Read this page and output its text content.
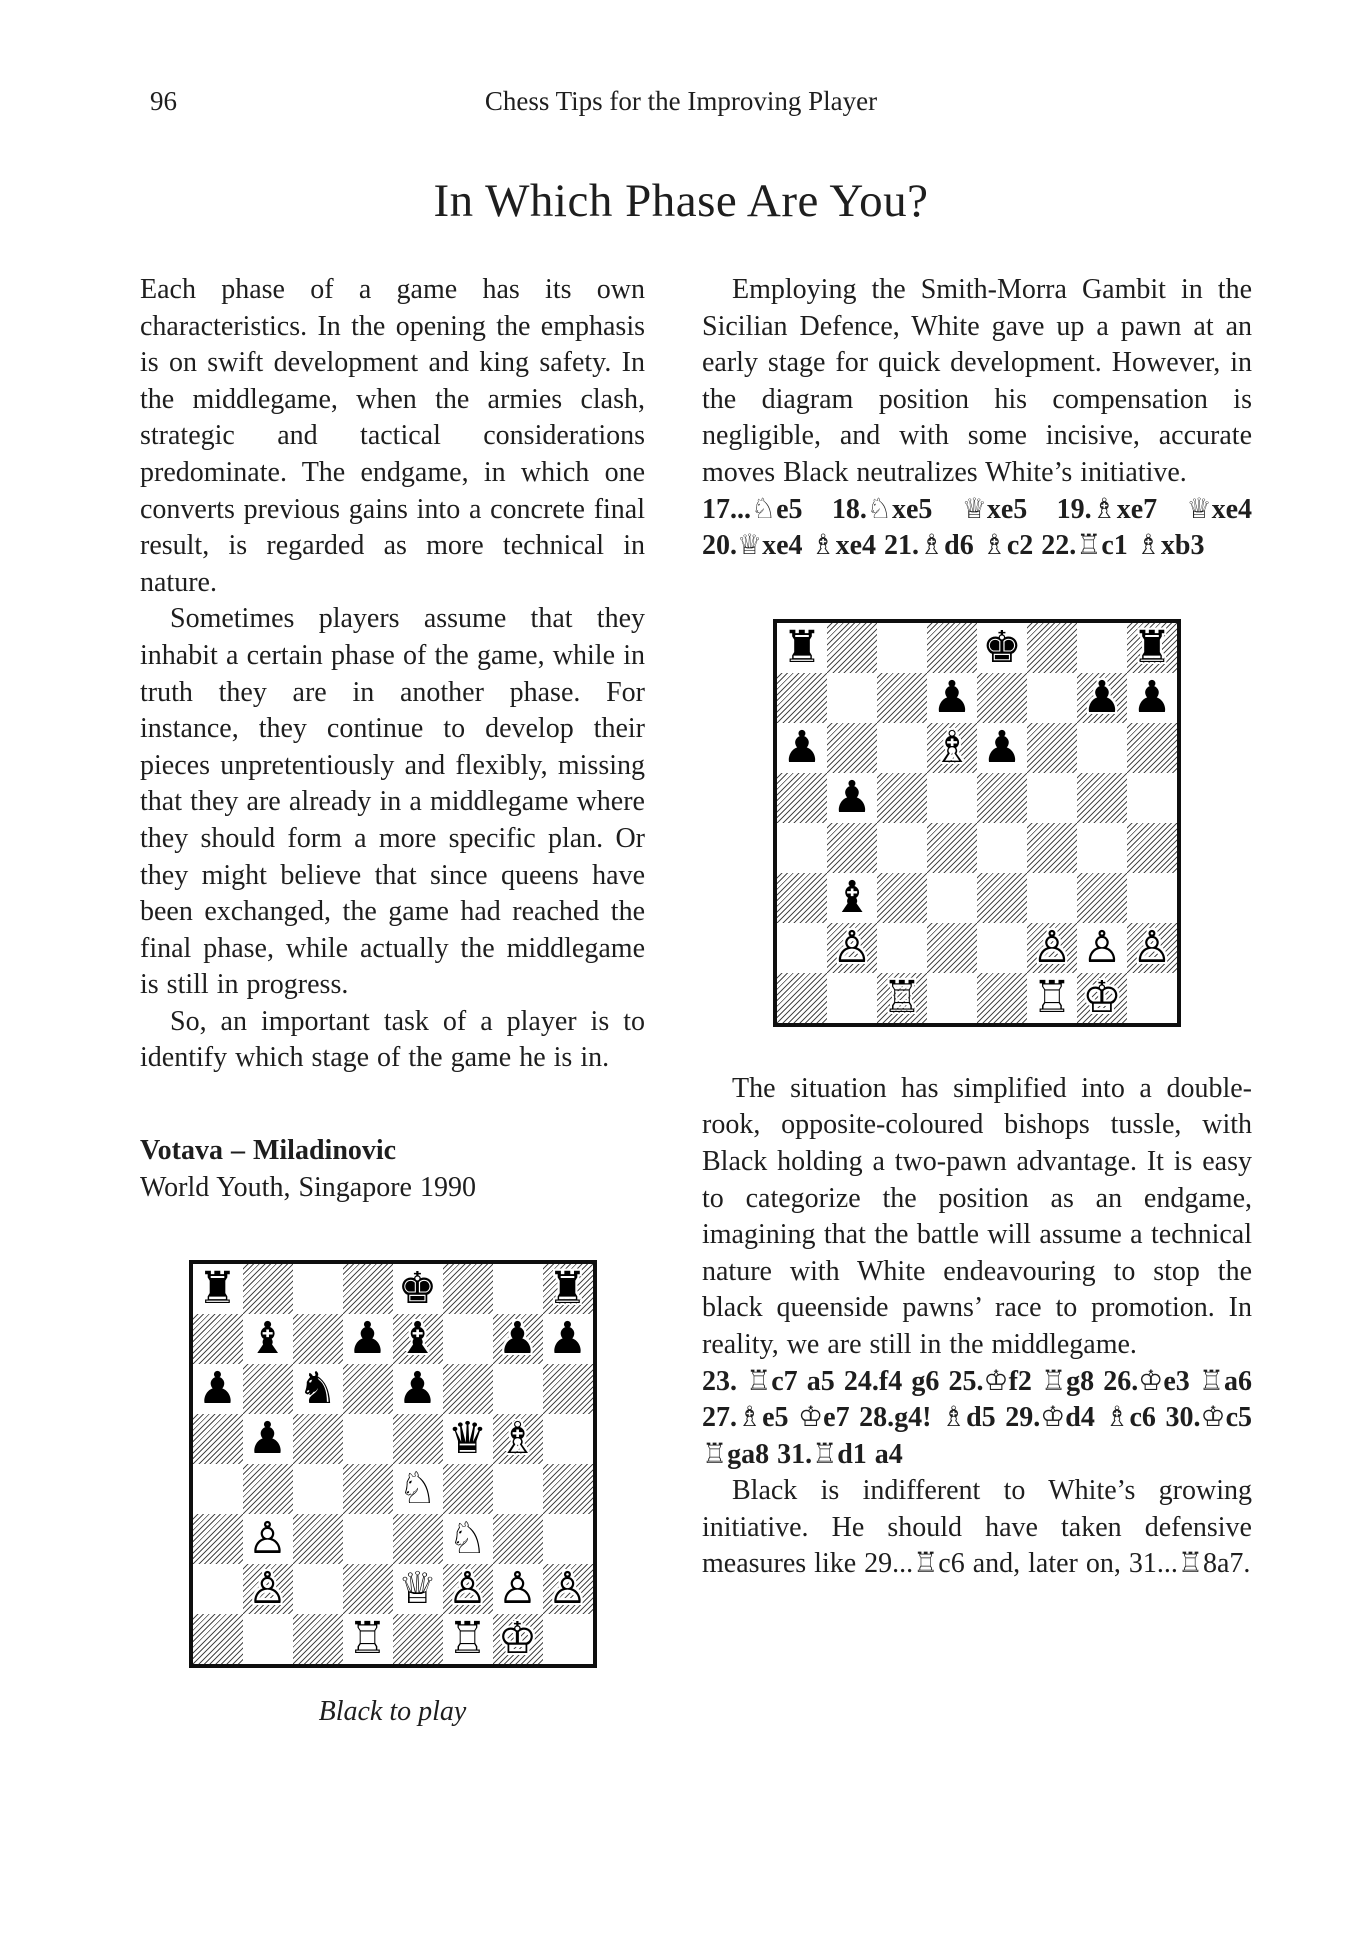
96	Chess Tips for the Improving Player
In Which Phase Are You?

Each phase of a game has its own characteristics. In the opening the emphasis is on swift development and king safety. In the middlegame, when the armies clash, strategic and tactical considerations predominate. The endgame, in which one converts previous gains into a concrete final result, is regarded as more technical in nature.

Sometimes players assume that they inhabit a certain phase of the game, while in truth they are in another phase. For instance, they continue to develop their pieces unpretentiously and flexibly, missing that they are already in a middlegame where they should form a more specific plan. Or they might believe that since queens have been exchanged, the game had reached the final phase, while actually the middlegame is still in progress.

So, an important task of a player is to identify which stage of the game he is in.

Votava – Miladinovic

World Youth, Singapore 1990

♜	♚	♜
♝ ♟ ♝ ♟ ♟
♟ ♞ ♟
♟	♛ ♗
♘
♙	♘
♙	♕ ♙ ♙ ♙
♖ ♖ ♔
Black to play

Employing the Smith-Morra Gambit in the Sicilian Defence, White gave up a pawn at an early stage for quick development. However, in the diagram position his compensation is negligible, and with some incisive, accurate moves Black neutralizes White’s initiative.

17...♘e5 18.♘xe5 ♕xe5 19.♗xe7 ♕xe4 20.♕xe4 ♗xe4 21.♗d6 ♗c2 22.♖c1 ♗xb3

♜	♚	♜
♟	♟ ♟
♟	♗ ♟
♟
♝
♙	♙ ♙ ♙
♖	♖ ♔

The situation has simplified into a double-rook, opposite-coloured bishops tussle, with Black holding a two-pawn advantage. It is easy to categorize the position as an endgame, imagining that the battle will assume a technical nature with White endeavouring to stop the black queenside pawns’ race to promotion. In reality, we are still in the middlegame.

23. ♖c7 a5 24.f4 g6 25.♔f2 ♖g8 26.♔e3 ♖a6 27.♗e5 ♔e7 28.g4! ♗d5 29.♔d4 ♗c6 30.♔c5 ♖ga8 31.♖d1 a4

Black is indifferent to White’s growing initiative. He should have taken defensive measures like 29...♖c6 and, later on, 31...♖8a7.
